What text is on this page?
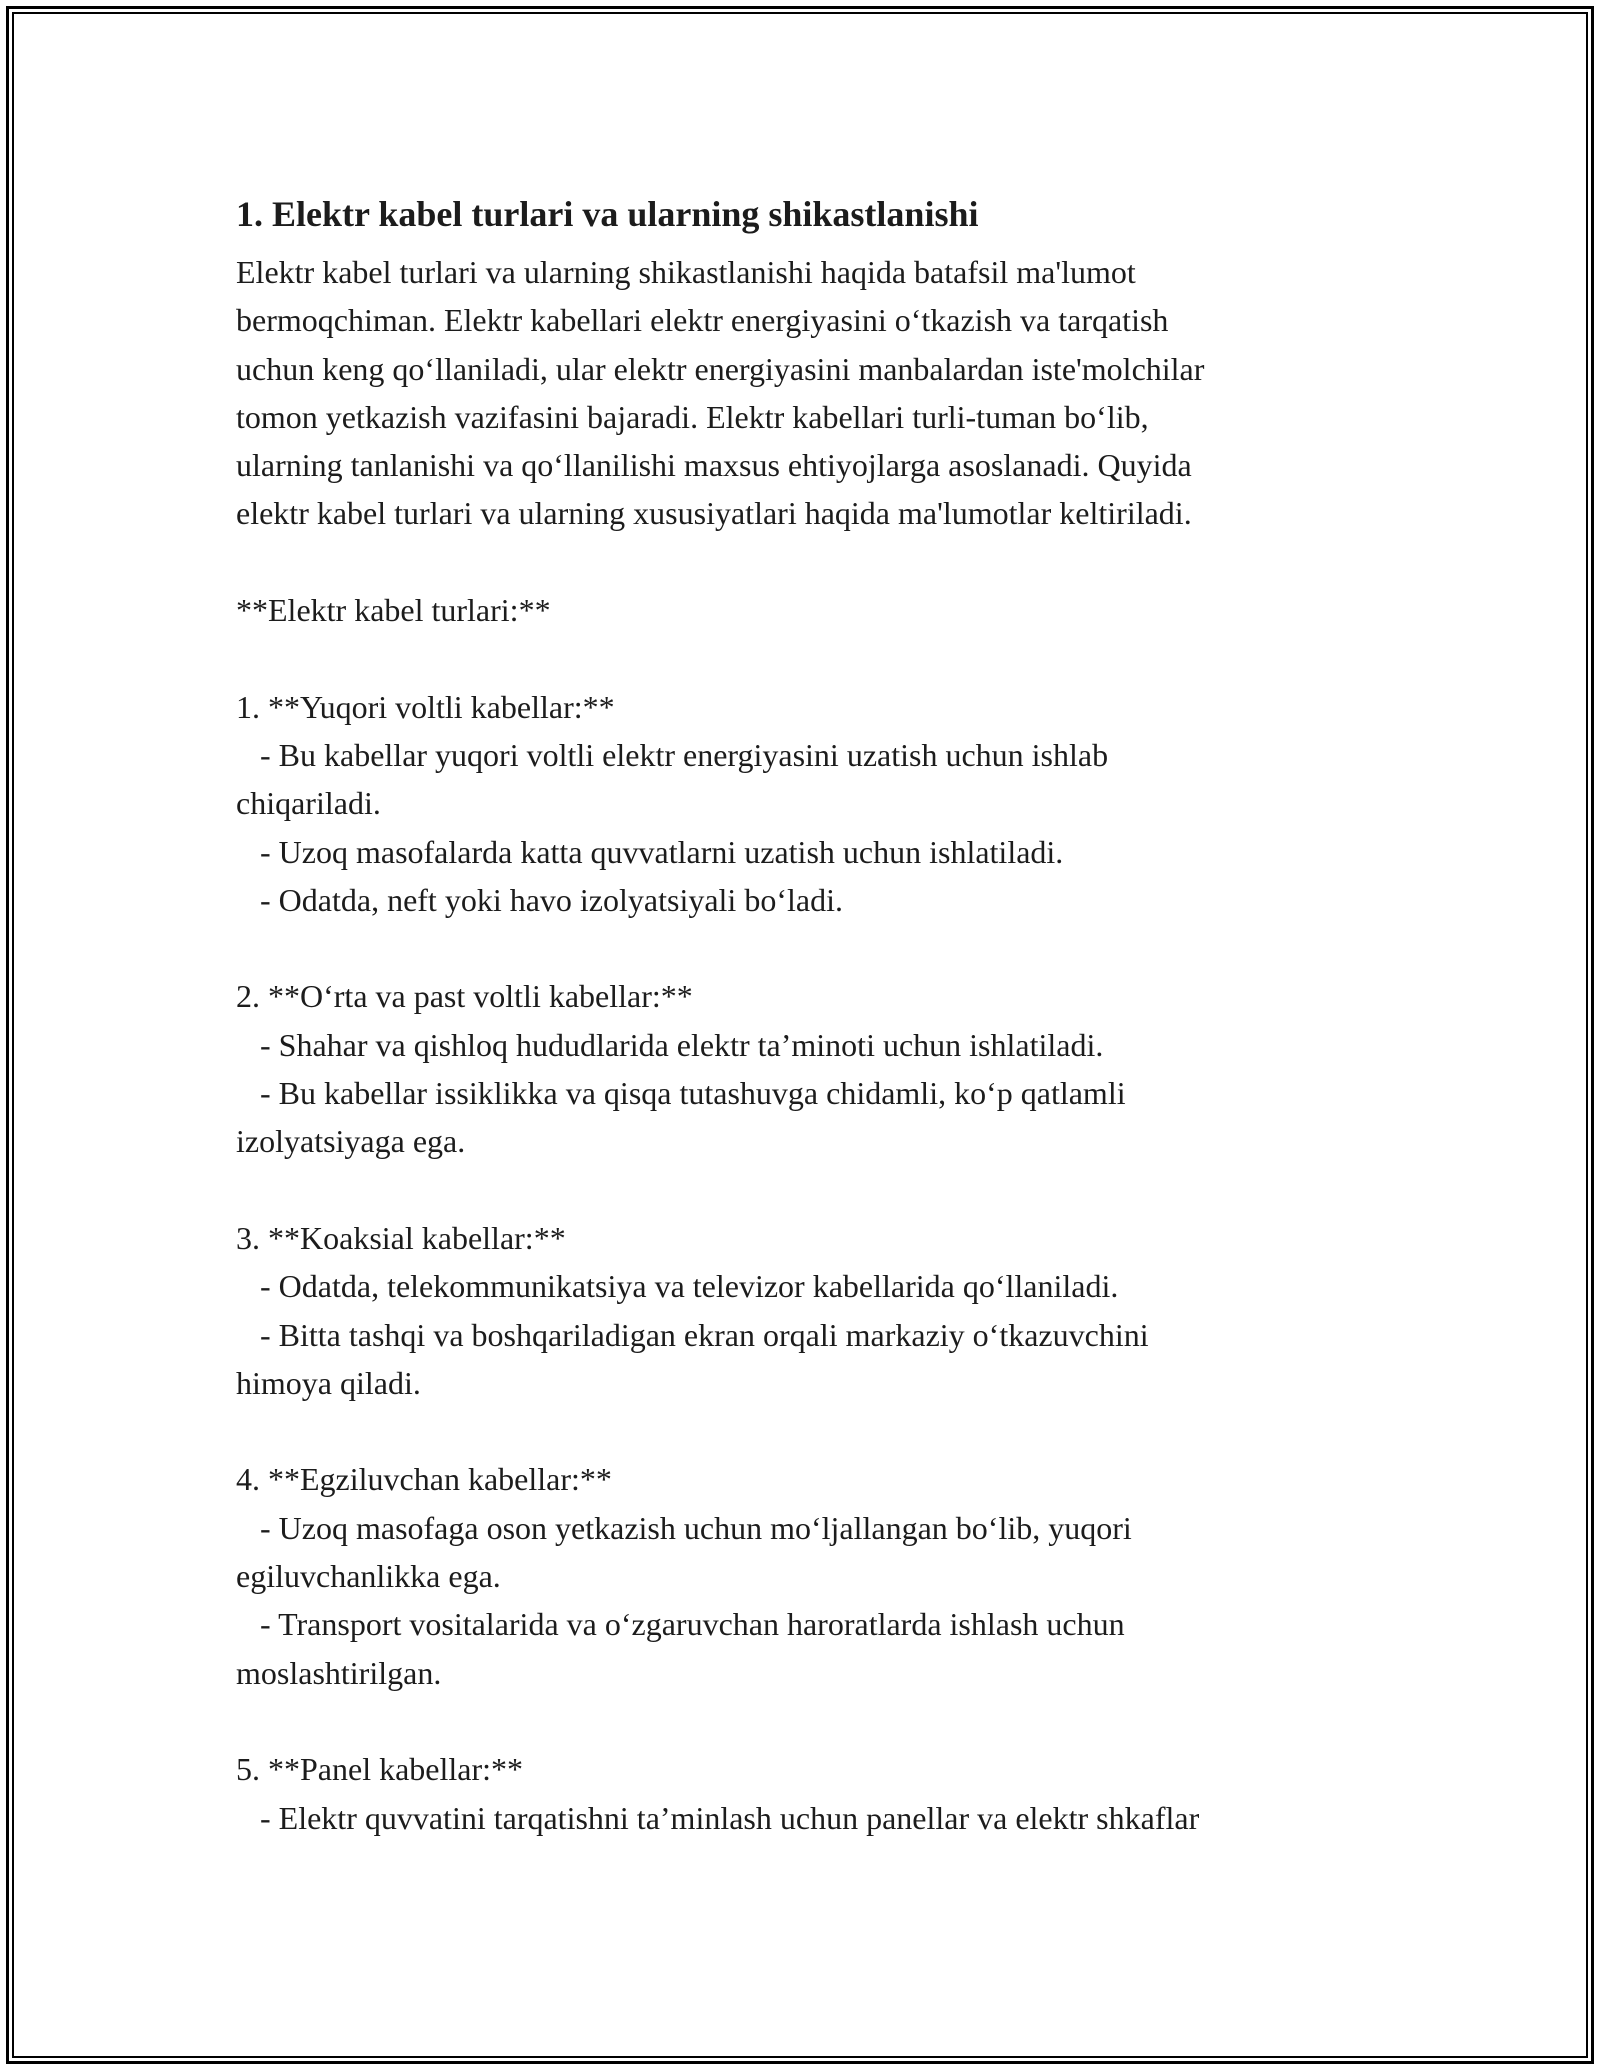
1. Elektr kabel turlari va ularning shikastlanishi
Elektr kabel turlari va ularning shikastlanishi haqida batafsil ma'lumot
bermoqchiman. Elektr kabellari elektr energiyasini o‘tkazish va tarqatish
uchun keng qo‘llaniladi, ular elektr energiyasini manbalardan iste'molchilar
tomon yetkazish vazifasini bajaradi. Elektr kabellari turli-tuman bo‘lib,
ularning tanlanishi va qo‘llanilishi maxsus ehtiyojlarga asoslanadi. Quyida
elektr kabel turlari va ularning xususiyatlari haqida ma'lumotlar keltiriladi.
**Elektr kabel turlari:**
1. **Yuqori voltli kabellar:**
- Bu kabellar yuqori voltli elektr energiyasini uzatish uchun ishlab
chiqariladi.
- Uzoq masofalarda katta quvvatlarni uzatish uchun ishlatiladi.
- Odatda, neft yoki havo izolyatsiyali bo‘ladi.
2. **O‘rta va past voltli kabellar:**
- Shahar va qishloq hududlarida elektr ta’minoti uchun ishlatiladi.
- Bu kabellar issiklikka va qisqa tutashuvga chidamli, ko‘p qatlamli
izolyatsiyaga ega.
3. **Koaksial kabellar:**
- Odatda, telekommunikatsiya va televizor kabellarida qo‘llaniladi.
- Bitta tashqi va boshqariladigan ekran orqali markaziy o‘tkazuvchini
himoya qiladi.
4. **Egziluvchan kabellar:**
- Uzoq masofaga oson yetkazish uchun mo‘ljallangan bo‘lib, yuqori
egiluvchanlikka ega.
- Transport vositalarida va o‘zgaruvchan haroratlarda ishlash uchun
moslashtirilgan.
5. **Panel kabellar:**
- Elektr quvvatini tarqatishni ta’minlash uchun panellar va elektr shkaflar
